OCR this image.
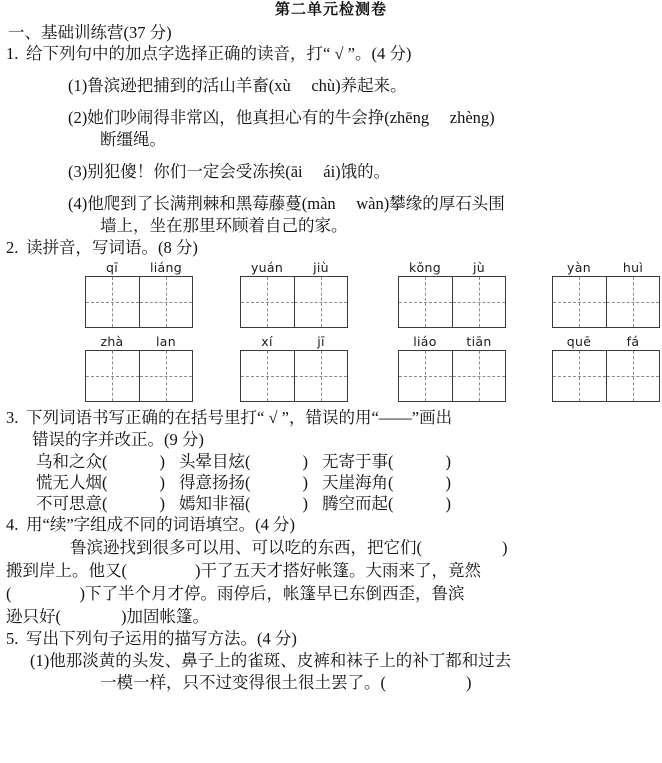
第二单元检测卷
一、基础训练营(37 分)
1. 给下列句中的加点字选择正确的读音，打“ √ ”。(4 分)
(1)鲁滨逊把捕到的活山羊畜(xù　 chù)养起来。
(2)她们吵闹得非常凶，他真担心有的牛会挣(zhēng　 zhèng)
断缰绳。
(3)别犯傻！你们一定会受冻挨(āi　 ái)饿的。
(4)他爬到了长满荆棘和黑莓藤蔓(màn　 wàn)攀缘的厚石头围
墙上，坐在那里环顾着自己的家。
2. 读拼音，写词语。(8 分)
qī	liáng	yuán jiù	kǒng	jù	yàn	huì
zhà	lan	xí	jī	liáo tiān	quē	fá
3. 下列词语书写正确的在括号里打“ √ ”，错误的用“——”画出
错误的字并改正。(9 分)
乌和之众( )	头晕目炫( )	无寄于事( )
慌无人烟( )	得意扬扬( )	天崖海角( )
不可思意( )	嫣知非福( )	腾空而起( )
4. 用“续”字组成不同的词语填空。(4 分)
鲁滨逊找到很多可以用、可以吃的东西，把它们(	)
搬到岸上。他又(	)干了五天才搭好帐篷。大雨来了，竟然
(	)下了半个月才停。雨停后，帐篷早已东倒西歪，鲁滨
逊只好(	)加固帐篷。
5. 写出下列句子运用的描写方法。(4 分)
(1)他那淡黄的头发、鼻子上的雀斑、皮裤和袜子上的补丁都和过去
一模一样，只不过变得很土很土罢了。(	)
